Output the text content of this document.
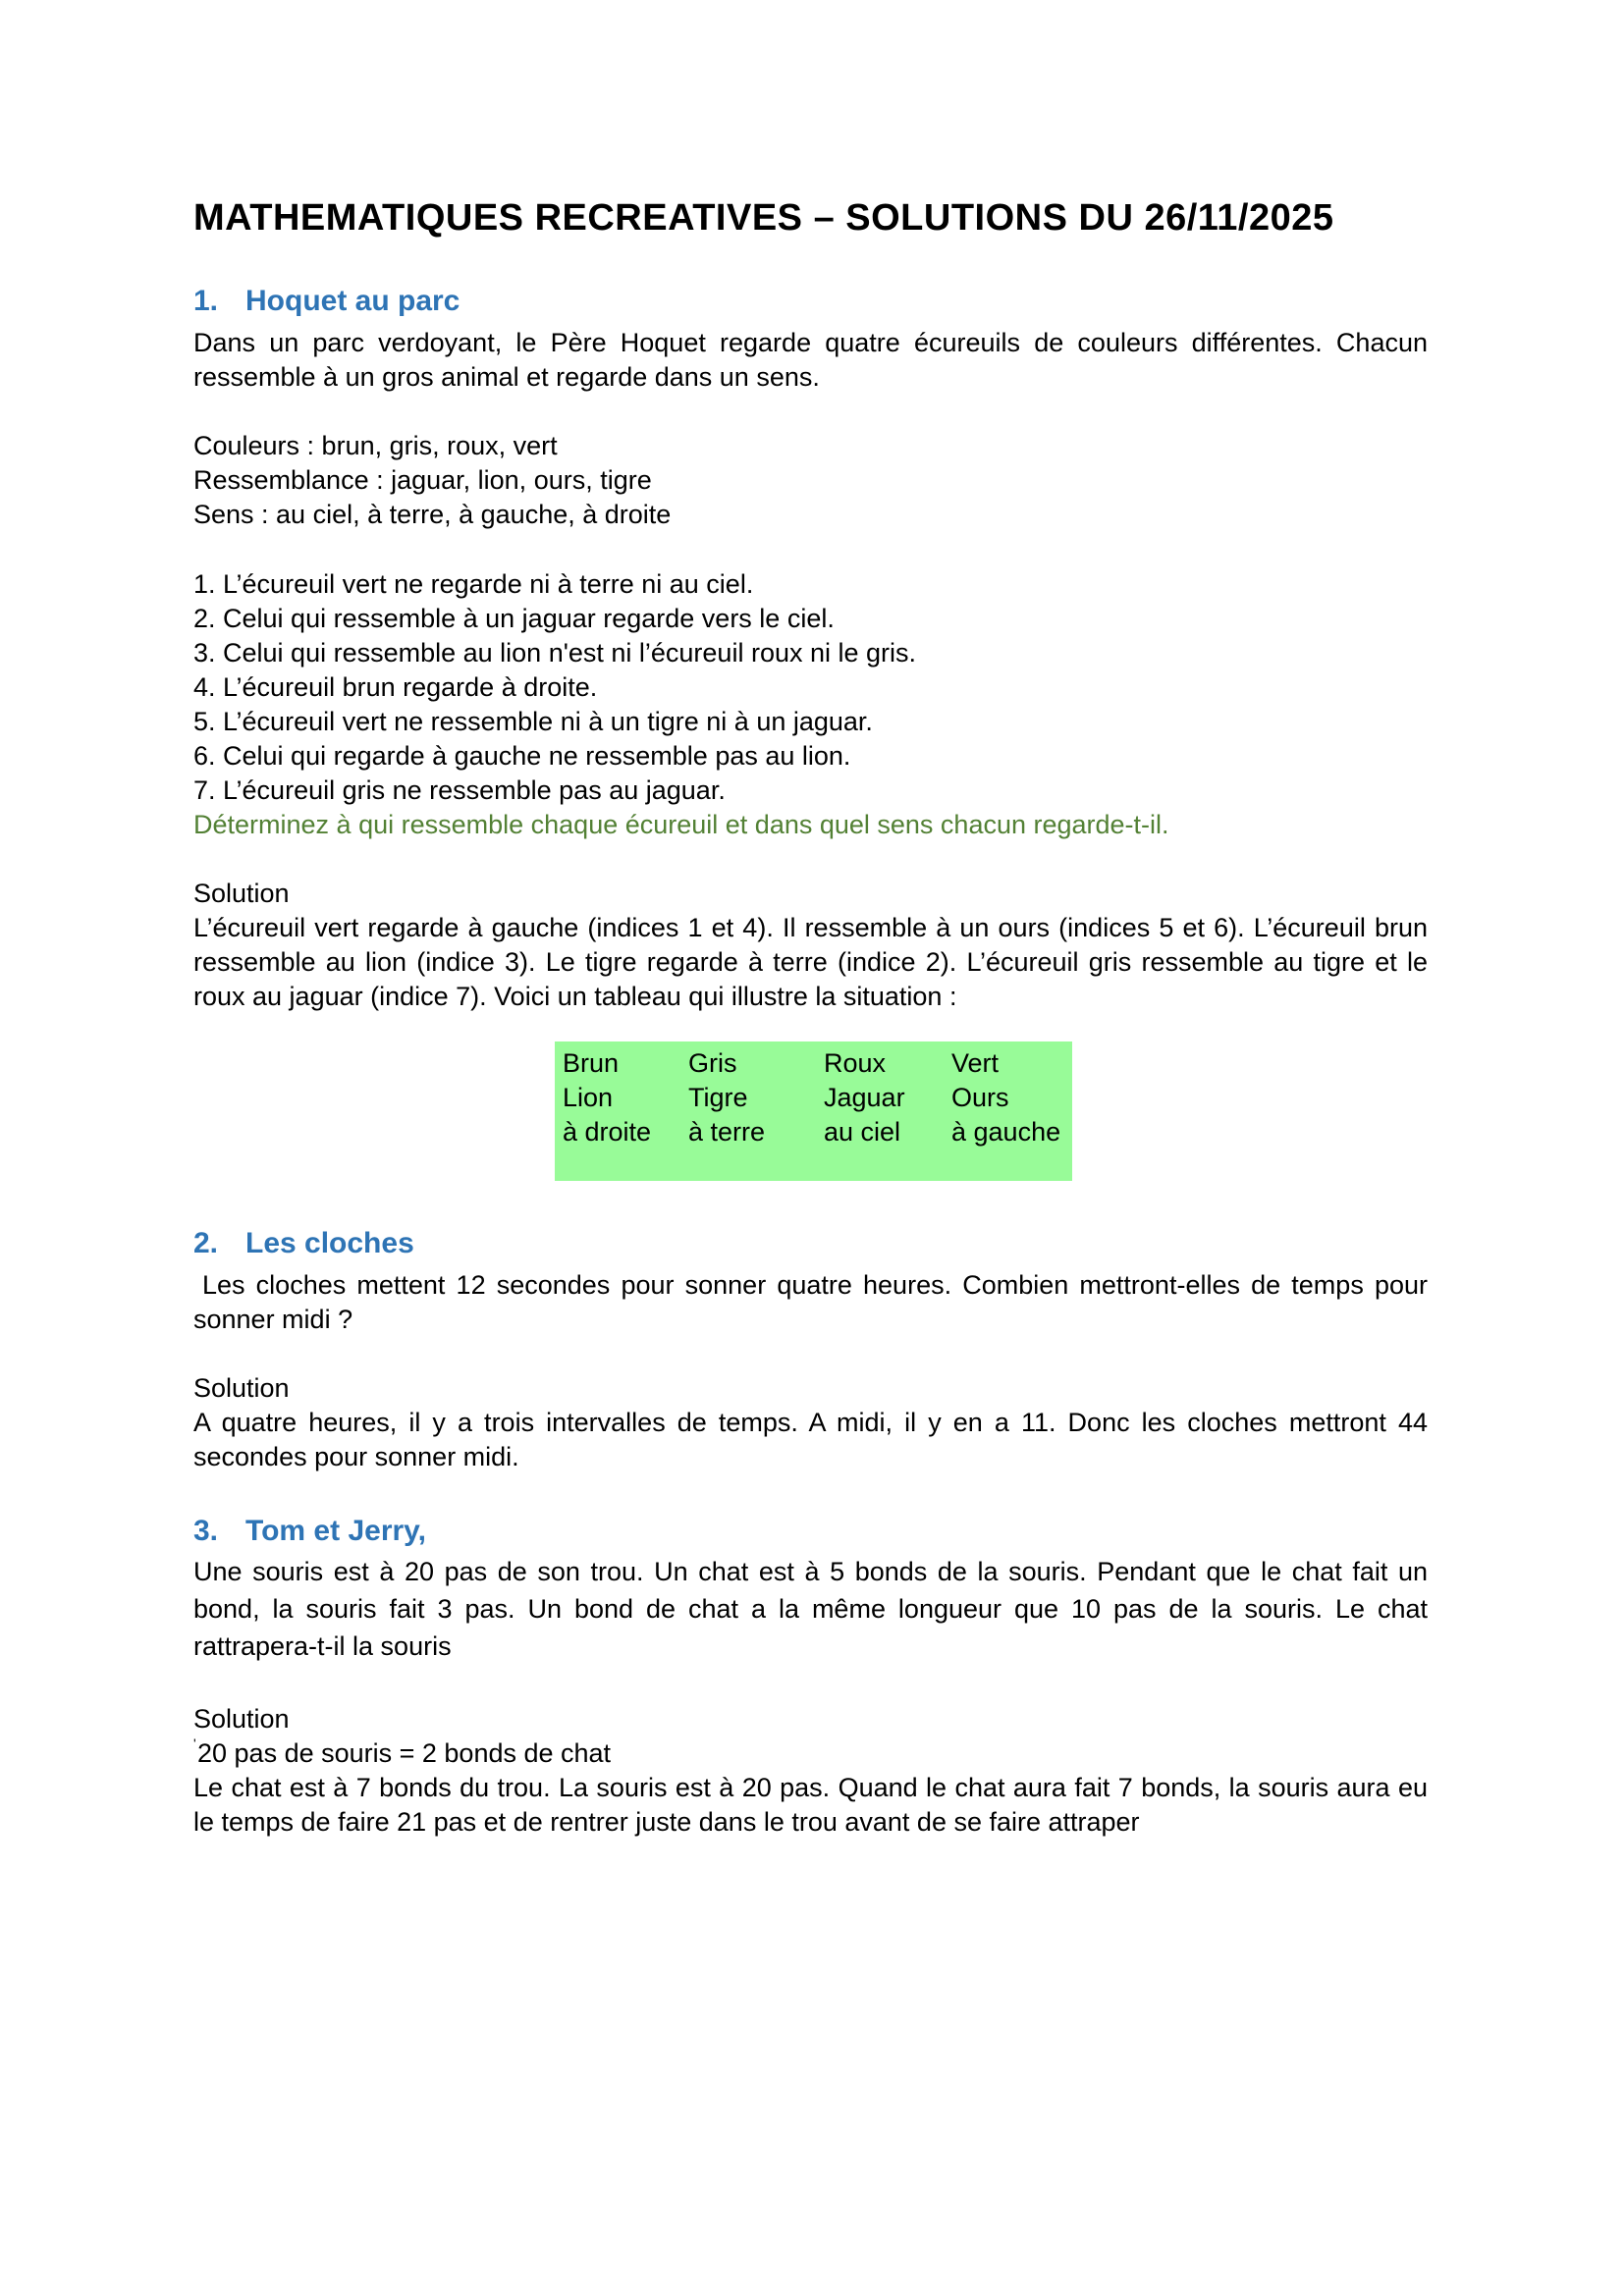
MATHEMATIQUES RECREATIVES – SOLUTIONS DU 26/11/2025
1. Hoquet au parc
Dans un parc verdoyant, le Père Hoquet regarde quatre écureuils de couleurs différentes. Chacun ressemble à un gros animal et regarde dans un sens.
Couleurs : brun, gris, roux, vert
Ressemblance : jaguar, lion, ours, tigre
Sens : au ciel, à terre, à gauche, à droite
1. L’écureuil vert ne regarde ni à terre ni au ciel.
2. Celui qui ressemble à un jaguar regarde vers le ciel.
3. Celui qui ressemble au lion n'est ni l’écureuil roux ni le gris.
4. L’écureuil brun regarde à droite.
5. L’écureuil vert ne ressemble ni à un tigre ni à un jaguar.
6. Celui qui regarde à gauche ne ressemble pas au lion.
7. L’écureuil gris ne ressemble pas au jaguar.
Déterminez à qui ressemble chaque écureuil et dans quel sens chacun regarde-t-il.
Solution
L’écureuil vert regarde à gauche (indices 1 et 4). Il ressemble à un ours (indices 5 et 6). L’écureuil brun ressemble au lion (indice 3). Le tigre regarde à terre (indice 2). L’écureuil gris ressemble au tigre et le roux au jaguar (indice 7). Voici un tableau qui illustre la situation :
Brun	Gris	Roux	Vert
Lion	Tigre	Jaguar	Ours
à droite	à terre	au ciel	à gauche
2. Les cloches
Les cloches mettent 12 secondes pour sonner quatre heures. Combien mettront-elles de temps pour sonner midi ?
Solution
A quatre heures, il y a trois intervalles de temps. A midi, il y en a 11. Donc les cloches mettront 44 secondes pour sonner midi.
3. Tom et Jerry,
Une souris est à 20 pas de son trou. Un chat est à 5 bonds de la souris. Pendant que le chat fait un bond, la souris fait 3 pas. Un bond de chat a la même longueur que 10 pas de la souris. Le chat rattrapera-t-il la souris
Solution
'20 pas de souris = 2 bonds de chat
Le chat est à 7 bonds du trou. La souris est à 20 pas. Quand le chat aura fait 7 bonds, la souris aura eu le temps de faire 21 pas et de rentrer juste dans le trou avant de se faire attraper
